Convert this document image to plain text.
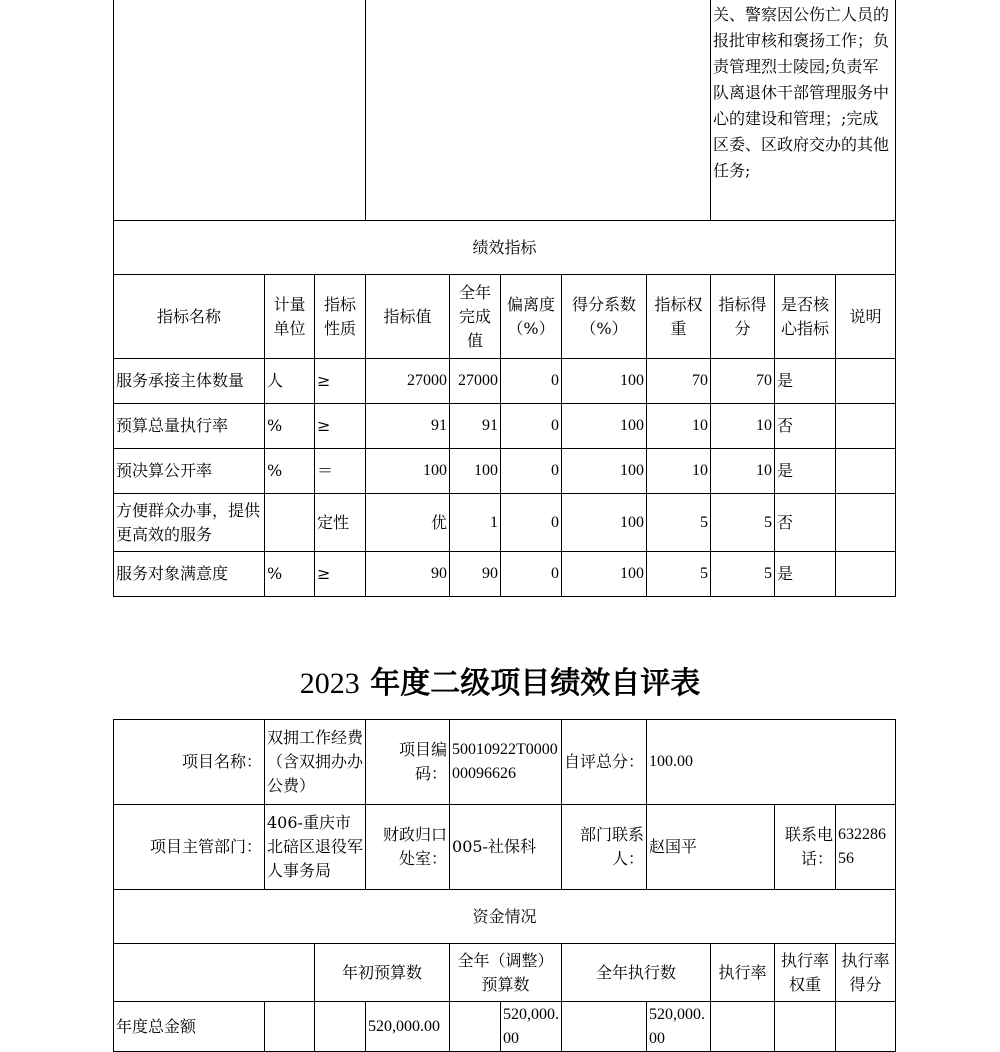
								关、警察因公伤亡人员的报批审核和褒扬工作；负责管理烈士陵园;负责军队离退休干部管理服务中心的建设和管理；;完成区委、区政府交办的其他任务;		
绩效指标										
指标名称	计量单位	指标性质	指标值	全年完成值	偏离度（%）	得分系数（%）	指标权重	指标得分	是否核心指标	说明
服务承接主体数量	人	≥	27000	27000	0	100	70	70	是	
预算总量执行率	%	≥	91	91	0	100	10	10	否	
预决算公开率	%	＝	100	100	0	100	10	10	是	
方便群众办事，提供更高效的服务		定性	优	1	0	100	5	5	否	
服务对象满意度	%	≥	90	90	0	100	5	5	是	
2023 年度二级项目绩效自评表
项目名称：	双拥工作经费（含双拥办办公费）		项目编码：	50010922T000000096626		自评总分：	100.00			
项目主管部门：	406-重庆市北碚区退役军人事务局		财政归口处室：	005-社保科		部门联系人：	赵国平		联系电话：	63228656
资金情况										
		年初预算数		全年（调整）预算数		全年执行数		执行率	执行率权重	执行率得分
年度总金额			520,000.00		520,000.00		520,000.00			
